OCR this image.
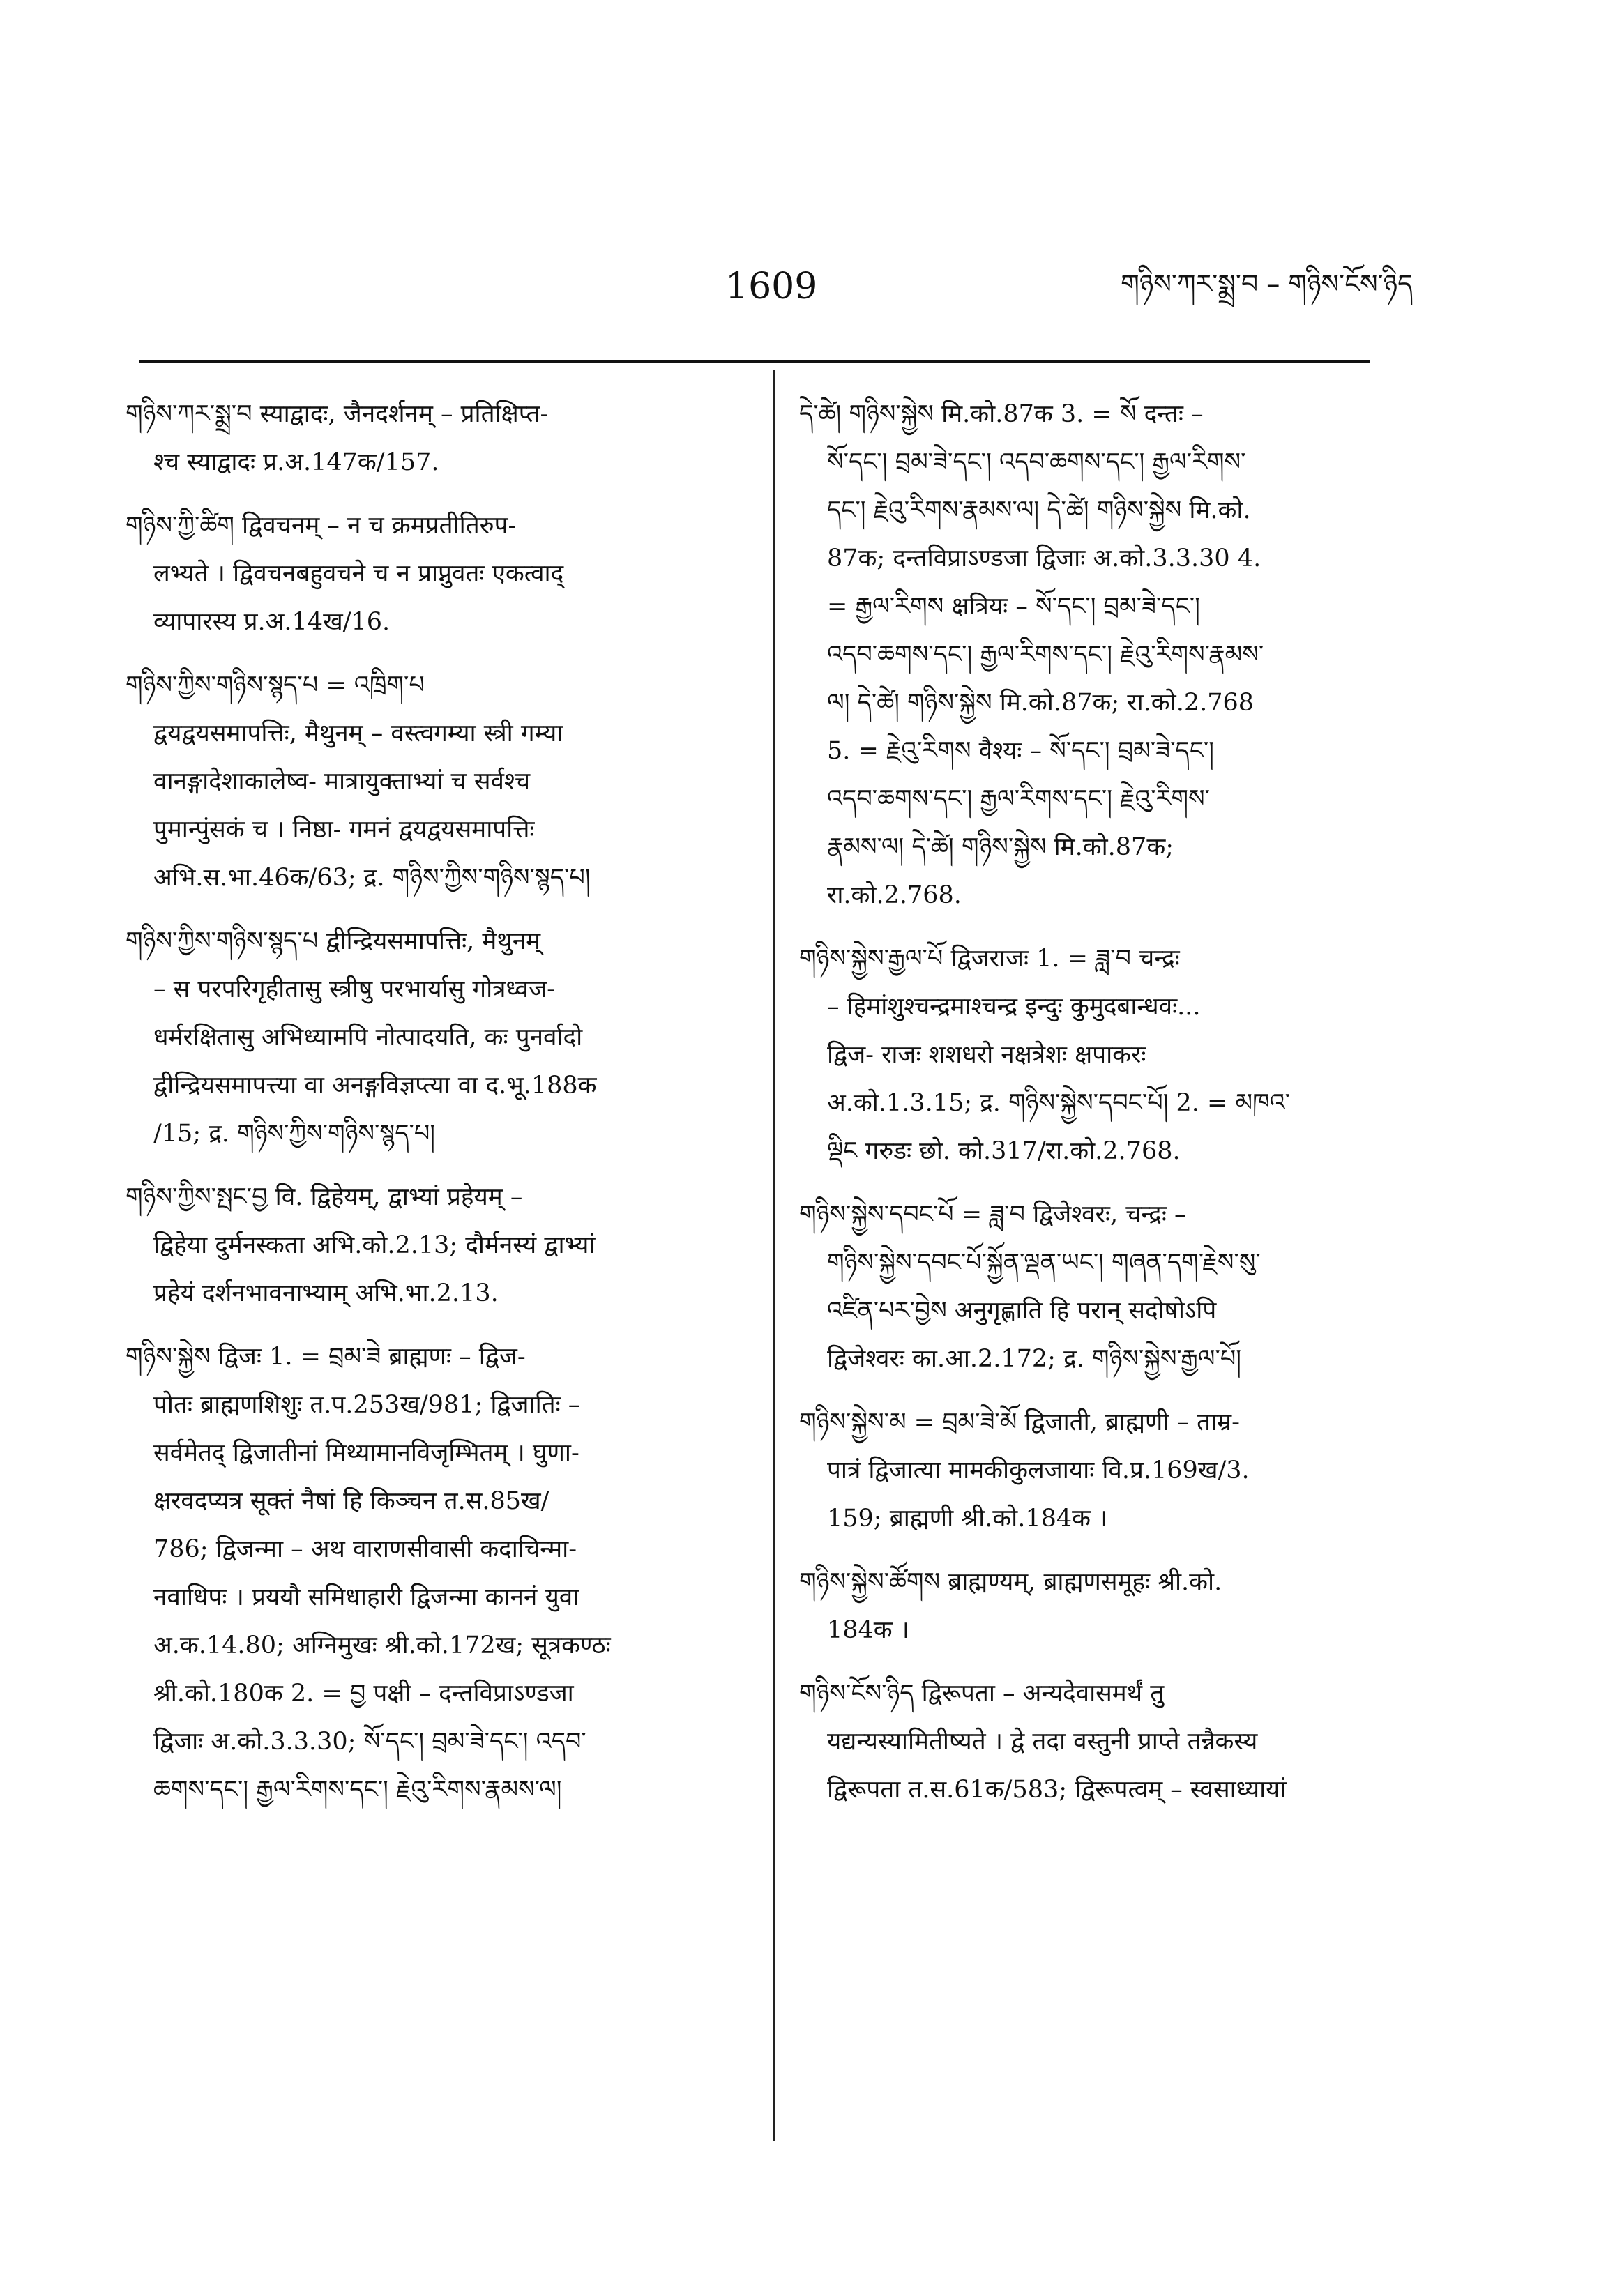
1609	གཉིས་ཀར་སྨྲ་བ – གཉིས་ངོས་ཉིད
གཉིས་ཀར་སྨྲ་བ स्याद्वादः, जैनदर्शनम् – प्रतिक्षिप्त-
श्च स्याद्वादः प्र.अ.147क/157.
གཉིས་ཀྱི་ཚིག द्विवचनम् – न च क्रमप्रतीतिरुप-
लभ्यते । द्विवचनबहुवचने च न प्राप्नुवतः एकत्वाद्
व्यापारस्य प्र.अ.14ख/16.
གཉིས་ཀྱིས་གཉིས་སྙད་པ = འཁྲིག་པ
द्वयद्वयसमापत्तिः, मैथुनम् – वस्त्वगम्या स्त्री गम्या
वानङ्गादेशाकालेष्व- मात्रायुक्ताभ्यां च सर्वश्च
पुमान्पुंसकं च । निष्ठा- गमनं द्वयद्वयसमापत्तिः
अभि.स.भा.46क/63; द्र. གཉིས་ཀྱིས་གཉིས་སྙད་པ།
གཉིས་ཀྱིས་གཉིས་སྙད་པ द्वीन्द्रियसमापत्तिः, मैथुनम्
– स परपरिगृहीतासु स्त्रीषु परभार्यासु गोत्रध्वज-
धर्मरक्षितासु अभिध्यामपि नोत्पादयति, कः पुनर्वादो
द्वीन्द्रियसमापत्त्या वा अनङ्गविज्ञप्त्या वा द.भू.188क
/15; द्र. གཉིས་ཀྱིས་གཉིས་སྙད་པ།
གཉིས་ཀྱིས་སྤང་བྱ वि. द्विहेयम्, द्वाभ्यां प्रहेयम् –
द्विहेया दुर्मनस्कता अभि.को.2.13; दौर्मनस्यं द्वाभ्यां
प्रहेयं दर्शनभावनाभ्याम् अभि.भा.2.13.
གཉིས་སྐྱེས द्विजः 1. = བྲམ་ཟེ ब्राह्मणः – द्विज-
पोतः ब्राह्मणशिशुः त.प.253ख/981; द्विजातिः –
सर्वमेतद् द्विजातीनां मिथ्यामानविजृम्भितम् । घुणा-
क्षरवदप्यत्र सूक्तं नैषां हि किञ्चन त.स.85ख/
786; द्विजन्मा – अथ वाराणसीवासी कदाचिन्मा-
नवाधिपः । प्रययौ समिधाहारी द्विजन्मा काननं युवा
अ.क.14.80; अग्निमुखः श्री.को.172ख; सूत्रकण्ठः
श्री.को.180क 2. = བྱ पक्षी – दन्तविप्राऽण्डजा
द्विजाः अ.को.3.3.30; སོ་དང་། བྲམ་ཟེ་དང་། འདབ་
ཆགས་དང་། རྒྱལ་རིགས་དང་། རྗེའུ་རིགས་རྣམས་ལ།
དེ་ཚེ། གཉིས་སྐྱེས मि.को.87क 3. = སོ दन्तः –
སོ་དང་། བྲམ་ཟེ་དང་། འདབ་ཆགས་དང་། རྒྱལ་རིགས་
དང་། རྗེའུ་རིགས་རྣམས་ལ། དེ་ཚེ། གཉིས་སྐྱེས मि.को.
87क; दन्तविप्राऽण्डजा द्विजाः अ.को.3.3.30 4.
= རྒྱལ་རིགས क्षत्रियः – སོ་དང་། བྲམ་ཟེ་དང་།
འདབ་ཆགས་དང་། རྒྱལ་རིགས་དང་། རྗེའུ་རིགས་རྣམས་
ལ། དེ་ཚེ། གཉིས་སྐྱེས मि.को.87क; रा.को.2.768
5. = རྗེའུ་རིགས वैश्यः – སོ་དང་། བྲམ་ཟེ་དང་།
འདབ་ཆགས་དང་། རྒྱལ་རིགས་དང་། རྗེའུ་རིགས་
རྣམས་ལ། དེ་ཚེ། གཉིས་སྐྱེས मि.को.87क;
रा.को.2.768.
གཉིས་སྐྱེས་རྒྱལ་པོ द्विजराजः 1. = ཟླ་བ चन्द्रः
– हिमांशुश्चन्द्रमाश्चन्द्र इन्दुः कुमुदबान्धवः...
द्विज- राजः शशधरो नक्षत्रेशः क्षपाकरः
अ.को.1.3.15; द्र. གཉིས་སྐྱེས་དབང་པོ། 2. = མཁའ་
ལྡིང गरुडः छो. को.317/रा.को.2.768.
གཉིས་སྐྱེས་དབང་པོ = ཟླ་བ द्विजेश्वरः, चन्द्रः –
གཉིས་སྐྱེས་དབང་པོ་སྐྱོན་ལྡན་ཡང་། གཞན་དག་རྗེས་སུ་
འཛིན་པར་བྱེས अनुगृह्णाति हि परान् सदोषोऽपि
द्विजेश्वरः का.आ.2.172; द्र. གཉིས་སྐྱེས་རྒྱལ་པོ།
གཉིས་སྐྱེས་མ = བྲམ་ཟེ་མོ द्विजाती, ब्राह्मणी – ताम्र-
पात्रं द्विजात्या मामकीकुलजायाः वि.प्र.169ख/3.
159; ब्राह्मणी श्री.को.184क ।
གཉིས་སྐྱེས་ཚོགས ब्राह्मण्यम्, ब्राह्मणसमूहः श्री.को.
184क ।
གཉིས་ངོས་ཉིད द्विरूपता – अन्यदेवासमर्थं तु
यद्यन्यस्यामितीष्यते । द्वे तदा वस्तुनी प्राप्ते तन्नैकस्य
द्विरूपता त.स.61क/583; द्विरूपत्वम् – स्वसाध्यायां
